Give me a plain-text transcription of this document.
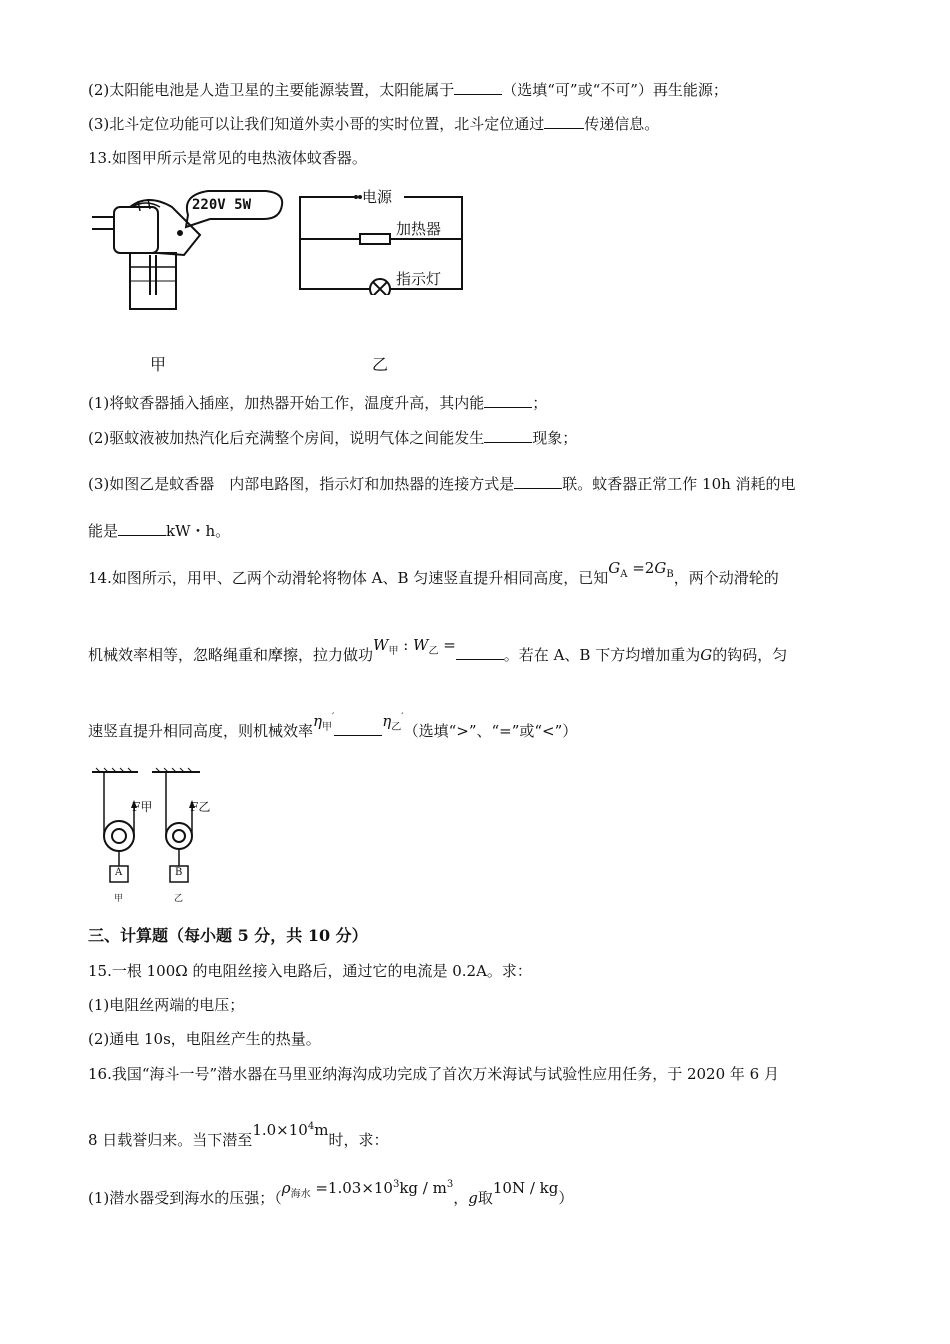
(2)太阳能电池是人造卫星的主要能源装置，太阳能属于	（选填“可”或“不可”）再生能源；
(3)北斗定位功能可以让我们知道外卖小哥的实时位置，北斗定位通过	传递信息。
13.如图甲所示是常见的电热液体蚊香器。
220V 5W	电源
加热器
指示灯
甲	乙
(1)将蚊香器插入插座，加热器开始工作，温度升高，其内能	；
(2)驱蚊液被加热汽化后充满整个房间，说明气体之间能发生	现象；
(3)如图乙是蚊香器　内部电路图，指示灯和加热器的连接方式是	联。蚊香器正常工作 10h 消耗的电
能是	kW・h。
14.如图所示，用甲、乙两个动滑轮将物体 A、B 匀速竖直提升相同高度，已知$G_A =2G_B$，两个动滑轮的
机械效率相等，忽略绳重和摩擦，拉力做功$W_甲$ : $W_乙$ =。若在 A、B 下方均增加重为G的钩码，匀
速竖直提升相同高度，则机械效率$\eta_甲'$	$\eta_乙'$（选填“>”、“=”或“<”）
F甲	F乙
A	B
甲	乙
三、计算题（每小题 5 分，共 10 分）
15.一根 100Ω 的电阻丝接入电路后，通过它的电流是 0.2A。求：
(1)电阻丝两端的电压；
(2)通电 10s，电阻丝产生的热量。
16.我国“海斗一号”潜水器在马里亚纳海沟成功完成了首次万米海试与试验性应用任务，于 2020 年 6 月
8 日载誉归来。当下潜至$1.0\times 10^4m$时，求：
(1)潜水器受到海水的压强；（$\rho_{海水} =1.03\times 10^3kg / m^3$，g取10N / kg）
